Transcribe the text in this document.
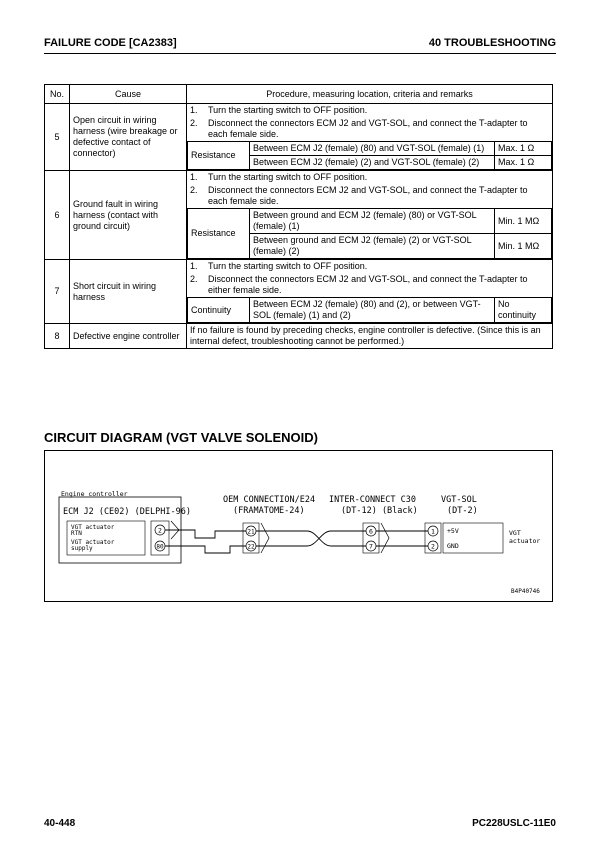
FAILURE CODE [CA2383]	40 TROUBLESHOOTING
No.	Cause	Procedure, measuring location, criteria and remarks
5	Open circuit in wiring harness (wire breakage or defective contact of connector)	
1.	Turn the starting switch to OFF position.
2.	Disconnect the connectors ECM J2 and VGT-SOL, and connect the T-adapter to each female side.
Resistance	Between ECM J2 (female) (80) and VGT-SOL (female) (1)	Max. 1 Ω
Between ECM J2 (female) (2) and VGT-SOL (female) (2)	Max. 1 Ω

6	Ground fault in wiring harness (contact with ground circuit)	
1.	Turn the starting switch to OFF position.
2.	Disconnect the connectors ECM J2 and VGT-SOL, and connect the T-adapter to each female side.
Resistance	Between ground and ECM J2 (female) (80) or VGT-SOL (female) (1)	Min. 1 MΩ
Between ground and ECM J2 (female) (2) or VGT-SOL (female) (2)	Min. 1 MΩ

7	Short circuit in wiring harness	
1.	Turn the starting switch to OFF position.
2.	Disconnect the connectors ECM J2 and VGT-SOL, and connect the T-adapter to either female side.
Continuity	Between ECM J2 (female) (80) and (2), or between VGT-SOL (female) (1) and (2)	No continuity

8	Defective engine controller	If no failure is found by preceding checks, engine controller is defective. (Since this is an internal defect, troubleshooting cannot be performed.)
CIRCUIT DIAGRAM (VGT VALVE SOLENOID)
Engine controller
ECM J2 (CE02) (DELPHI-96)
OEM CONNECTION/E24
(FRAMATOME-24)
INTER-CONNECT C30
(DT-12) (Black)
VGT-SOL
(DT-2)
VGT actuator
RTN
VGT actuator
supply
2
80
21
22
6
7
1
2
+5V
GND
VGT
actuator
B4P40746
40-448	PC228USLC-11E0
